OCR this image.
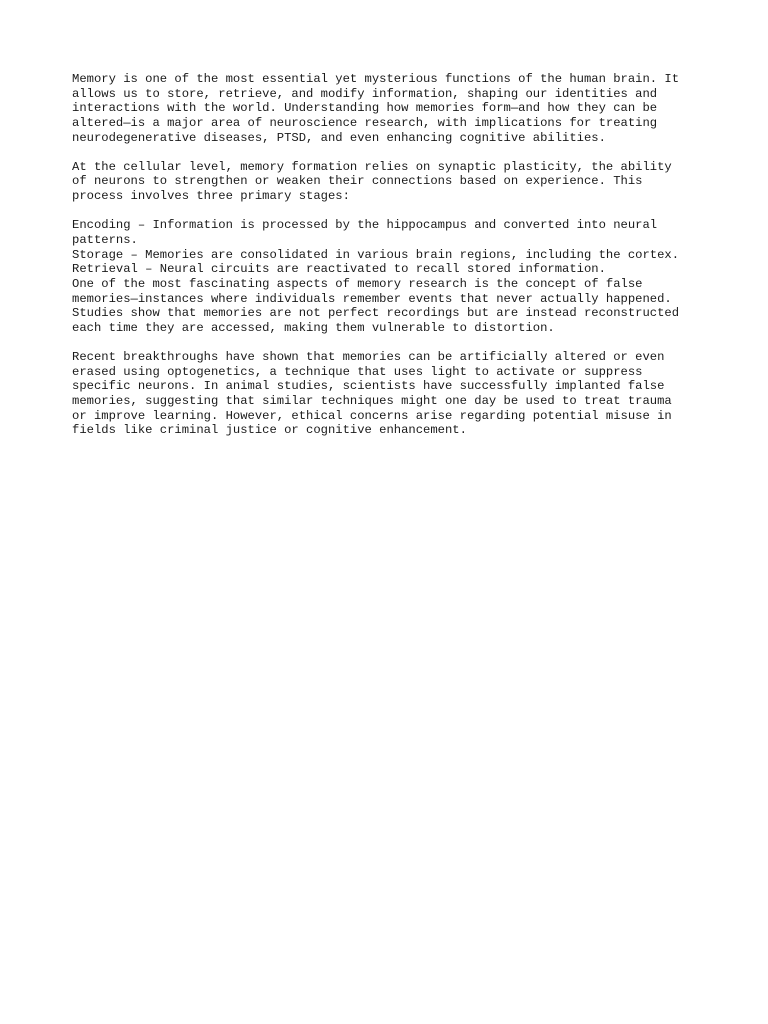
Memory is one of the most essential yet mysterious functions of the human brain. It
allows us to store, retrieve, and modify information, shaping our identities and
interactions with the world. Understanding how memories form—and how they can be
altered—is a major area of neuroscience research, with implications for treating
neurodegenerative diseases, PTSD, and even enhancing cognitive abilities.
At the cellular level, memory formation relies on synaptic plasticity, the ability
of neurons to strengthen or weaken their connections based on experience. This
process involves three primary stages:
Encoding – Information is processed by the hippocampus and converted into neural
patterns.
Storage – Memories are consolidated in various brain regions, including the cortex.
Retrieval – Neural circuits are reactivated to recall stored information.
One of the most fascinating aspects of memory research is the concept of false
memories—instances where individuals remember events that never actually happened.
Studies show that memories are not perfect recordings but are instead reconstructed
each time they are accessed, making them vulnerable to distortion.
Recent breakthroughs have shown that memories can be artificially altered or even
erased using optogenetics, a technique that uses light to activate or suppress
specific neurons. In animal studies, scientists have successfully implanted false
memories, suggesting that similar techniques might one day be used to treat trauma
or improve learning. However, ethical concerns arise regarding potential misuse in
fields like criminal justice or cognitive enhancement.
